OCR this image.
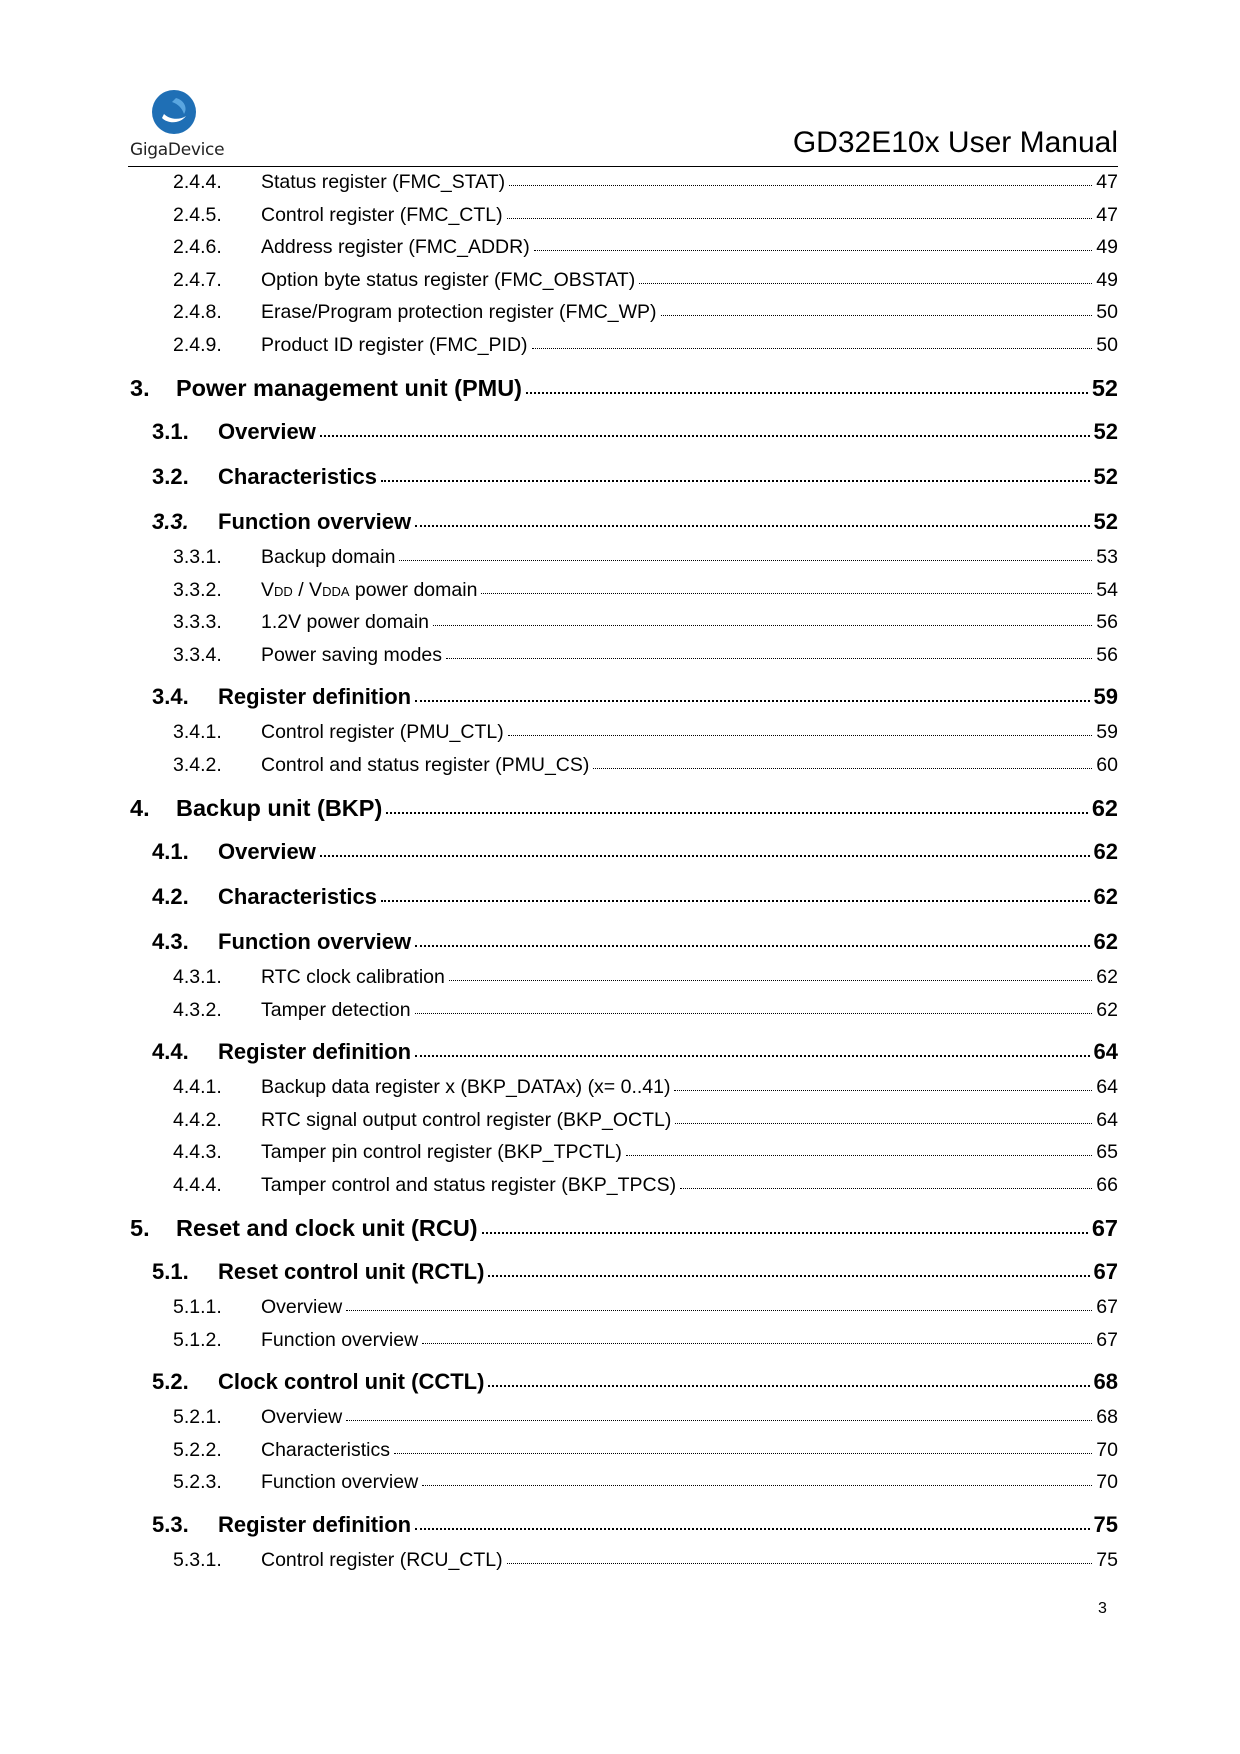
GigaDevice	GD32E10x User Manual
2.4.4.	Status register (FMC_STAT)	47
2.4.5.	Control register (FMC_CTL)	47
2.4.6.	Address register (FMC_ADDR)	49
2.4.7.	Option byte status register (FMC_OBSTAT)	49
2.4.8.	Erase/Program protection register (FMC_WP)	50
2.4.9.	Product ID register (FMC_PID)	50
3.	Power management unit (PMU)	52
3.1.	Overview	52
3.2.	Characteristics	52
3.3.	Function overview	52
3.3.1.	Backup domain	53
3.3.2.	VDD / VDDA power domain	54
3.3.3.	1.2V power domain	56
3.3.4.	Power saving modes	56
3.4.	Register definition	59
3.4.1.	Control register (PMU_CTL)	59
3.4.2.	Control and status register (PMU_CS)	60
4.	Backup unit (BKP)	62
4.1.	Overview	62
4.2.	Characteristics	62
4.3.	Function overview	62
4.3.1.	RTC clock calibration	62
4.3.2.	Tamper detection	62
4.4.	Register definition	64
4.4.1.	Backup data register x (BKP_DATAx) (x= 0..41)	64
4.4.2.	RTC signal output control register (BKP_OCTL)	64
4.4.3.	Tamper pin control register (BKP_TPCTL)	65
4.4.4.	Tamper control and status register (BKP_TPCS)	66
5.	Reset and clock unit (RCU)	67
5.1.	Reset control unit (RCTL)	67
5.1.1.	Overview	67
5.1.2.	Function overview	67
5.2.	Clock control unit (CCTL)	68
5.2.1.	Overview	68
5.2.2.	Characteristics	70
5.2.3.	Function overview	70
5.3.	Register definition	75
5.3.1.	Control register (RCU_CTL)	75
3
